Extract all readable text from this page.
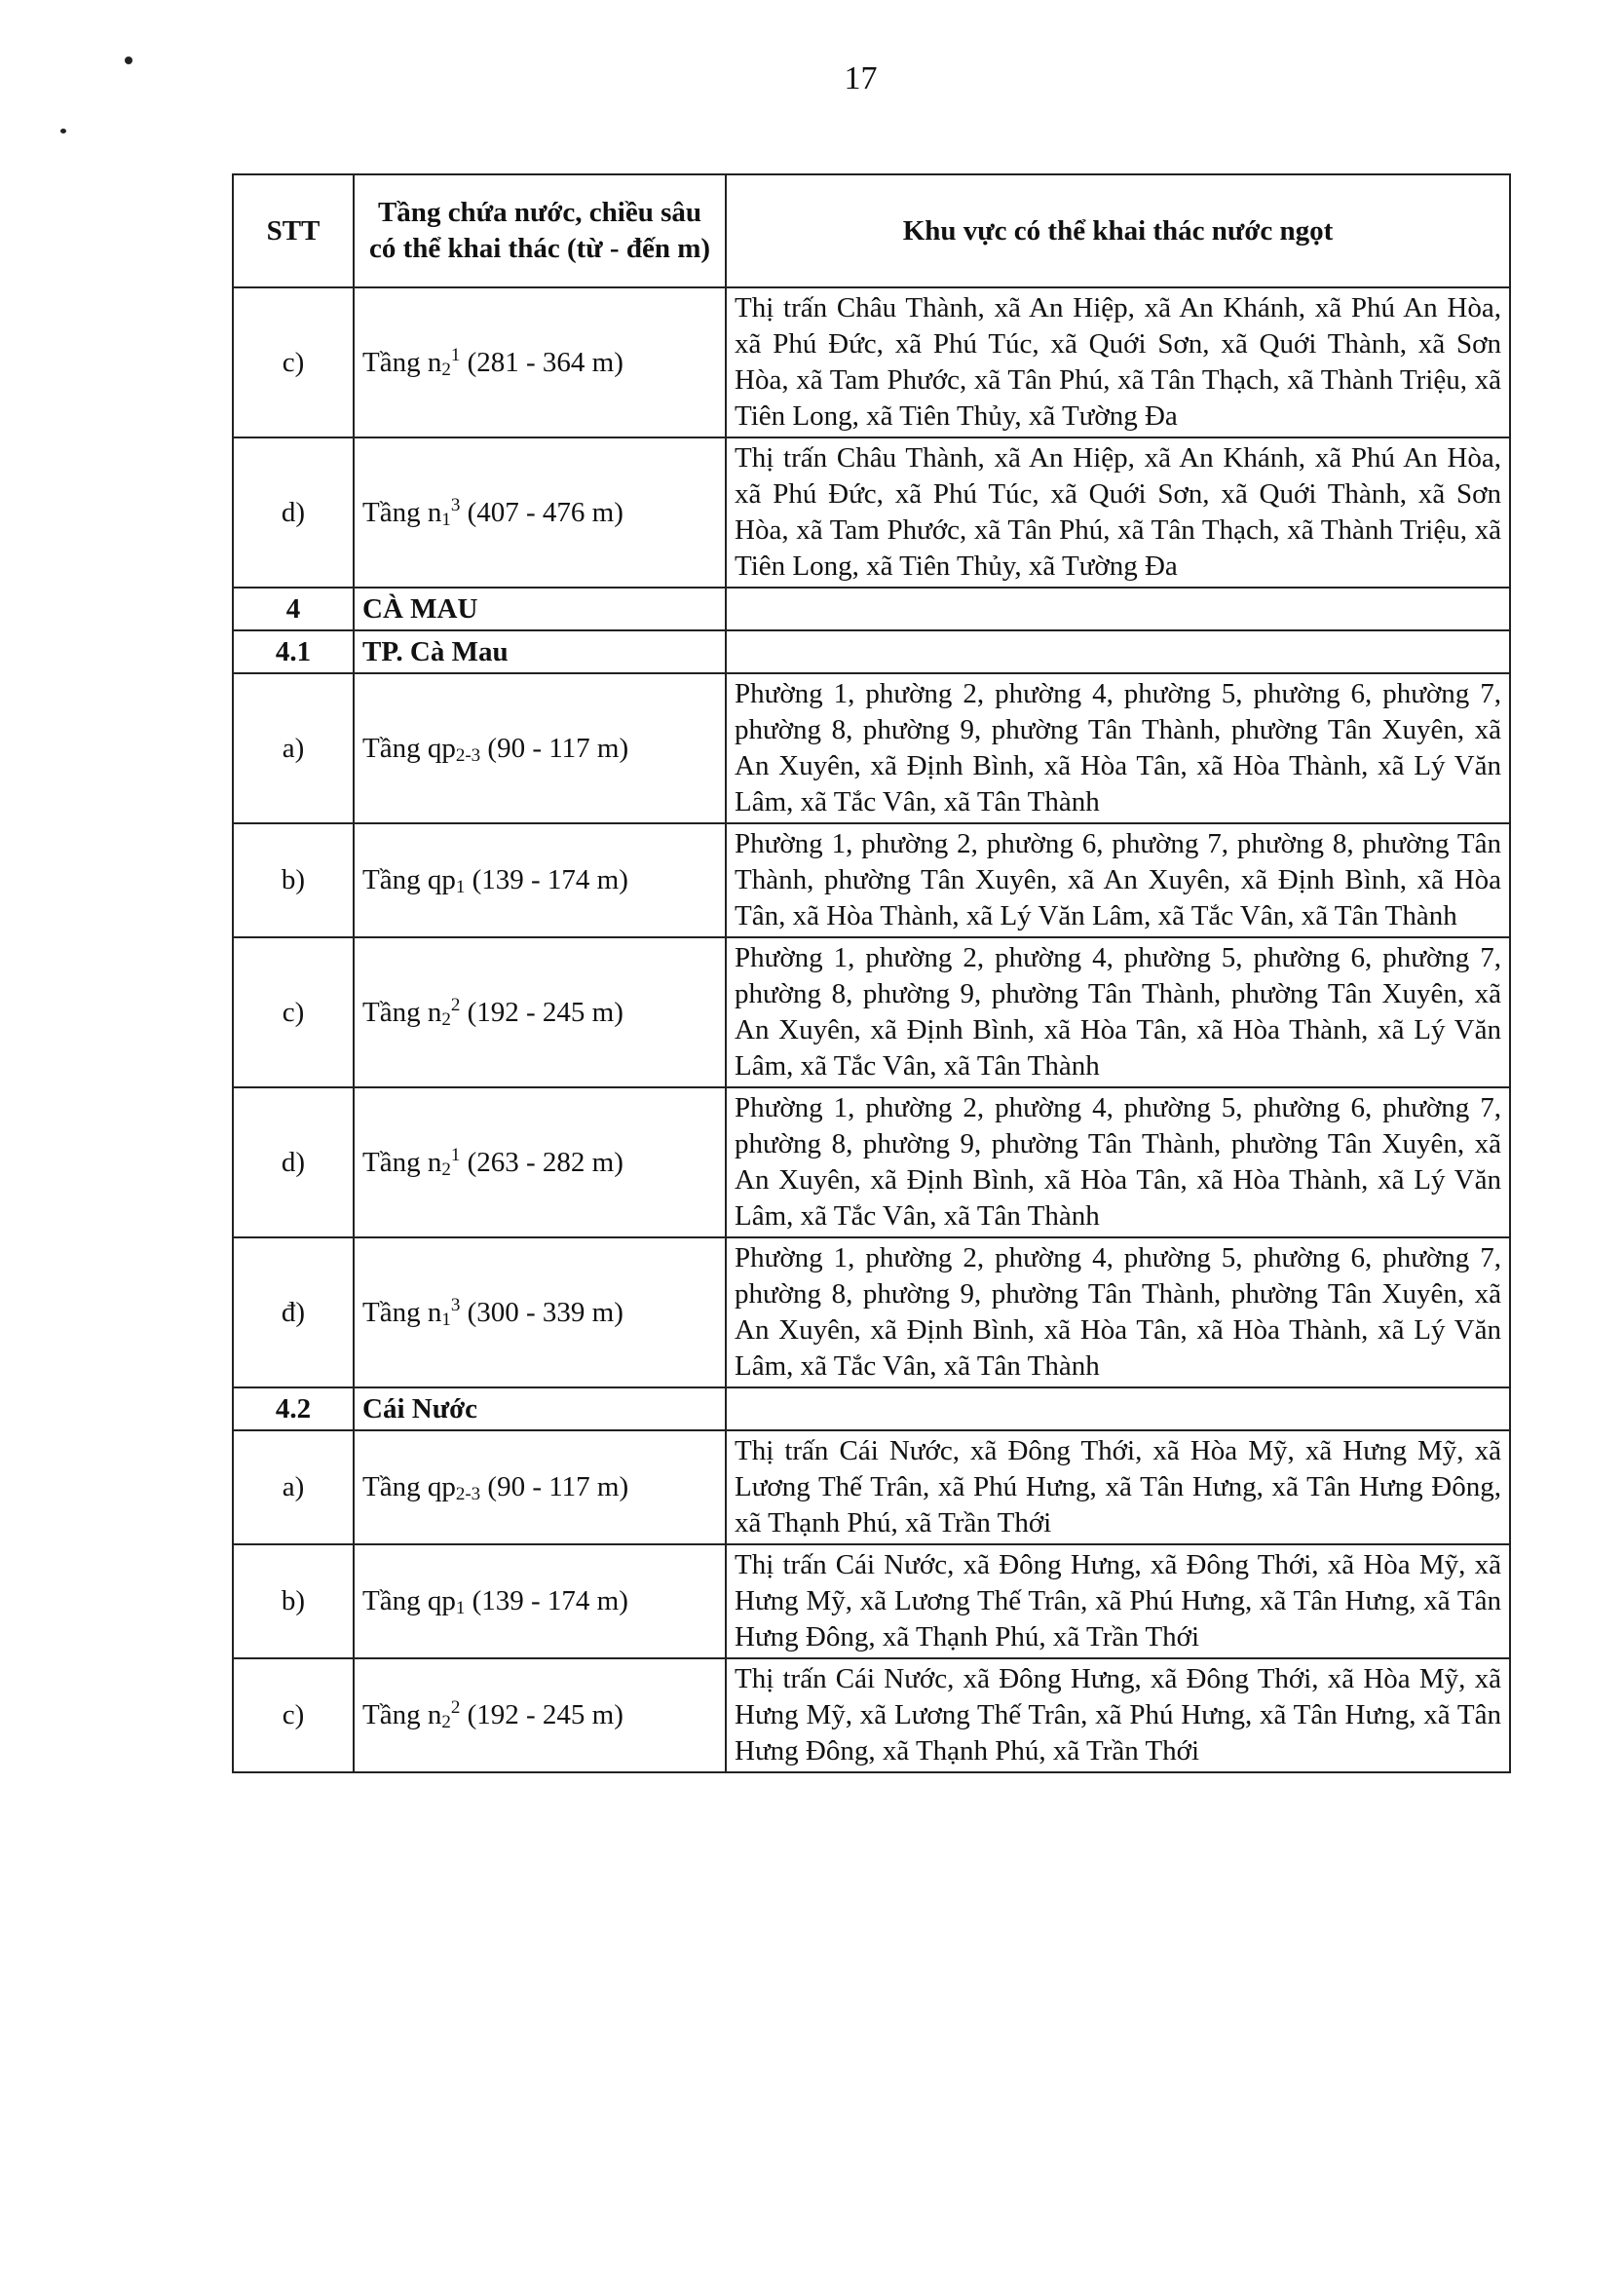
17
STT	Tầng chứa nước, chiều sâu có thể khai thác (từ - đến m)	Khu vực có thể khai thác nước ngọt
c)	Tầng $n_2^1$ (281 - 364 m)	Thị trấn Châu Thành, xã An Hiệp, xã An Khánh, xã Phú An Hòa, xã Phú Đức, xã Phú Túc, xã Quới Sơn, xã Quới Thành, xã Sơn Hòa, xã Tam Phước, xã Tân Phú, xã Tân Thạch, xã Thành Triệu, xã Tiên Long, xã Tiên Thủy, xã Tường Đa
d)	Tầng $n_1^3$ (407 - 476 m)	Thị trấn Châu Thành, xã An Hiệp, xã An Khánh, xã Phú An Hòa, xã Phú Đức, xã Phú Túc, xã Quới Sơn, xã Quới Thành, xã Sơn Hòa, xã Tam Phước, xã Tân Phú, xã Tân Thạch, xã Thành Triệu, xã Tiên Long, xã Tiên Thủy, xã Tường Đa
4	CÀ MAU	
4.1	TP. Cà Mau	
a)	Tầng $qp_{2-3}$ (90 - 117 m)	Phường 1, phường 2, phường 4, phường 5, phường 6, phường 7, phường 8, phường 9, phường Tân Thành, phường Tân Xuyên, xã An Xuyên, xã Định Bình, xã Hòa Tân, xã Hòa Thành, xã Lý Văn Lâm, xã Tắc Vân, xã Tân Thành
b)	Tầng $qp_1$ (139 - 174 m)	Phường 1, phường 2, phường 6, phường 7, phường 8, phường Tân Thành, phường Tân Xuyên, xã An Xuyên, xã Định Bình, xã Hòa Tân, xã Hòa Thành, xã Lý Văn Lâm, xã Tắc Vân, xã Tân Thành
c)	Tầng $n_2^2$ (192 - 245 m)	Phường 1, phường 2, phường 4, phường 5, phường 6, phường 7, phường 8, phường 9, phường Tân Thành, phường Tân Xuyên, xã An Xuyên, xã Định Bình, xã Hòa Tân, xã Hòa Thành, xã Lý Văn Lâm, xã Tắc Vân, xã Tân Thành
d)	Tầng $n_2^1$ (263 - 282 m)	Phường 1, phường 2, phường 4, phường 5, phường 6, phường 7, phường 8, phường 9, phường Tân Thành, phường Tân Xuyên, xã An Xuyên, xã Định Bình, xã Hòa Tân, xã Hòa Thành, xã Lý Văn Lâm, xã Tắc Vân, xã Tân Thành
đ)	Tầng $n_1^3$ (300 - 339 m)	Phường 1, phường 2, phường 4, phường 5, phường 6, phường 7, phường 8, phường 9, phường Tân Thành, phường Tân Xuyên, xã An Xuyên, xã Định Bình, xã Hòa Tân, xã Hòa Thành, xã Lý Văn Lâm, xã Tắc Vân, xã Tân Thành
4.2	Cái Nước	
a)	Tầng $qp_{2-3}$ (90 - 117 m)	Thị trấn Cái Nước, xã Đông Thới, xã Hòa Mỹ, xã Hưng Mỹ, xã Lương Thế Trân, xã Phú Hưng, xã Tân Hưng, xã Tân Hưng Đông, xã Thạnh Phú, xã Trần Thới
b)	Tầng $qp_1$ (139 - 174 m)	Thị trấn Cái Nước, xã Đông Hưng, xã Đông Thới, xã Hòa Mỹ, xã Hưng Mỹ, xã Lương Thế Trân, xã Phú Hưng, xã Tân Hưng, xã Tân Hưng Đông, xã Thạnh Phú, xã Trần Thới
c)	Tầng $n_2^2$ (192 - 245 m)	Thị trấn Cái Nước, xã Đông Hưng, xã Đông Thới, xã Hòa Mỹ, xã Hưng Mỹ, xã Lương Thế Trân, xã Phú Hưng, xã Tân Hưng, xã Tân Hưng Đông, xã Thạnh Phú, xã Trần Thới
